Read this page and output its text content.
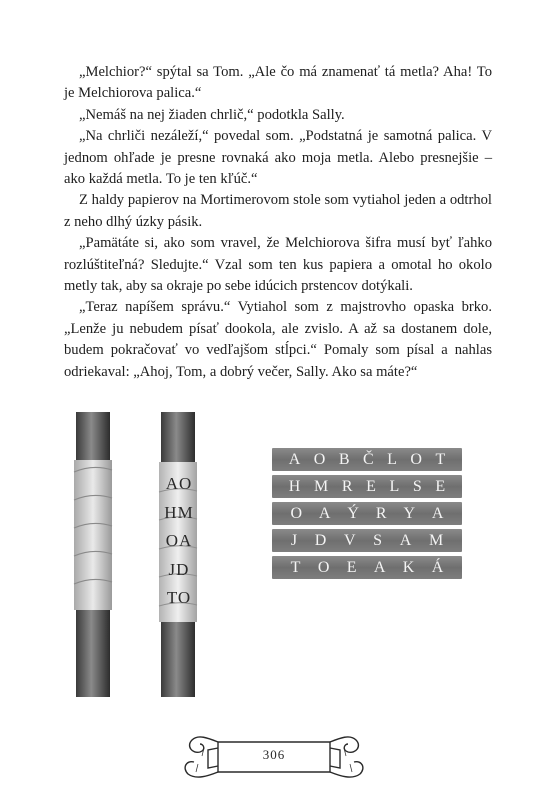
„Melchior?“ spýtal sa Tom. „Ale čo má znamenať tá metla? Aha! To je Melchiorova palica.“

„Nemáš na nej žiaden chrlič,“ podotkla Sally.

„Na chrliči nezáleží,“ povedal som. „Podstatná je samotná palica. V jednom ohľade je presne rovnaká ako moja metla. Alebo presnejšie – ako každá metla. To je ten kľúč.“

Z haldy papierov na Mortimerovom stole som vytiahol jeden a odtrhol z neho dlhý úzky pásik.

„Pamätáte si, ako som vravel, že Melchiorova šifra musí byť ľahko rozlúštiteľná? Sledujte.“ Vzal som ten kus papiera a omotal ho okolo metly tak, aby sa okraje po sebe idúcich prstencov dotýkali.

„Teraz napíšem správu.“ Vytiahol som z majstrovho opaska brko. „Lenže ju nebudem písať dookola, ale zvislo. A až sa dostanem dole, budem pokračovať vo vedľajšom stĺpci.“ Pomaly som písal a nahlas odriekaval: „Ahoj, Tom, a dobrý večer, Sally. Ako sa máte?“

AO
HM
OA
JD
TO
A O B Č L O T
H M R E L S E
O A Ý R Y A
J D V S A M
T O E A K Á
306
